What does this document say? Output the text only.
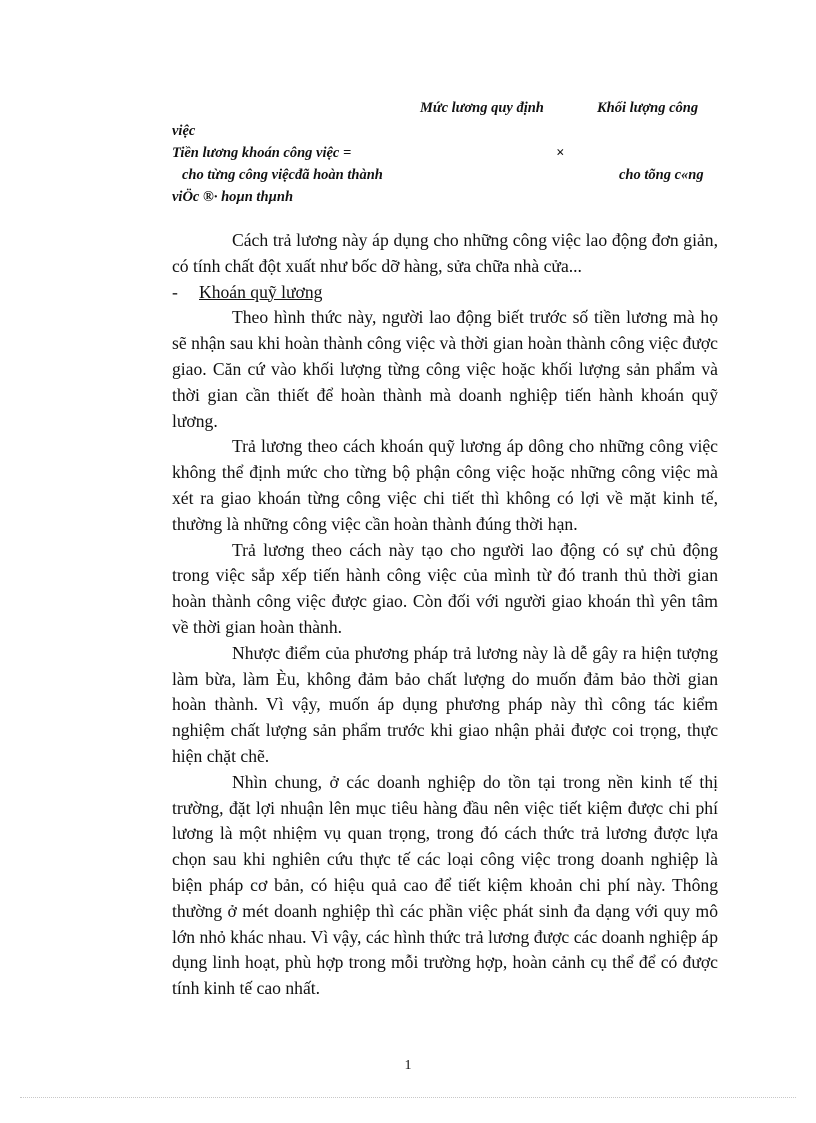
Mức lương quy định	Khối lượng công
việc
Tiền lương khoán công việc =	×
cho từng công việcđã hoàn thành	cho tõng c«ng
viÖc ®· hoµn thµnh

Cách trả lương này áp dụng cho những công việc lao động đơn giản, có tính chất đột xuất như bốc dỡ hàng, sửa chữa nhà cửa...

- Khoán quỹ lương

Theo hình thức này, người lao động biết trước số tiền lương mà họ sẽ nhận sau khi hoàn thành công việc và thời gian hoàn thành công việc được giao. Căn cứ vào khối lượng từng công việc hoặc khối lượng sản phẩm và thời gian cần thiết để hoàn thành mà doanh nghiệp tiến hành khoán quỹ lương.

Trả lương theo cách khoán quỹ lương áp dông cho những công việc không thể định mức cho từng bộ phận công việc hoặc những công việc mà xét ra giao khoán từng công việc chi tiết thì không có lợi về mặt kinh tế, thường là những công việc cần hoàn thành đúng thời hạn.

Trả lương theo cách này tạo cho người lao động có sự chủ động trong việc sắp xếp tiến hành công việc của mình từ đó tranh thủ thời gian hoàn thành công việc được giao. Còn đối với người giao khoán thì yên tâm về thời gian hoàn thành.

Nhược điểm của phương pháp trả lương này là dễ gây ra hiện tượng làm bừa, làm Èu, không đảm bảo chất lượng do muốn đảm bảo thời gian hoàn thành. Vì vậy, muốn áp dụng phương pháp này thì công tác kiểm nghiệm chất lượng sản phẩm trước khi giao nhận phải được coi trọng, thực hiện chặt chẽ.

Nhìn chung, ở các doanh nghiệp do tồn tại trong nền kinh tế thị trường, đặt lợi nhuận lên mục tiêu hàng đầu nên việc tiết kiệm được chi phí lương là một nhiệm vụ quan trọng, trong đó cách thức trả lương được lựa chọn sau khi nghiên cứu thực tế các loại công việc trong doanh nghiệp là biện pháp cơ bản, có hiệu quả cao để tiết kiệm khoản chi phí này. Thông thường ở mét doanh nghiệp thì các phần việc phát sinh đa dạng với quy mô lớn nhỏ khác nhau. Vì vậy, các hình thức trả lương được các doanh nghiệp áp dụng linh hoạt, phù hợp trong mỗi trường hợp, hoàn cảnh cụ thể để có được tính kinh tế cao nhất.

1
